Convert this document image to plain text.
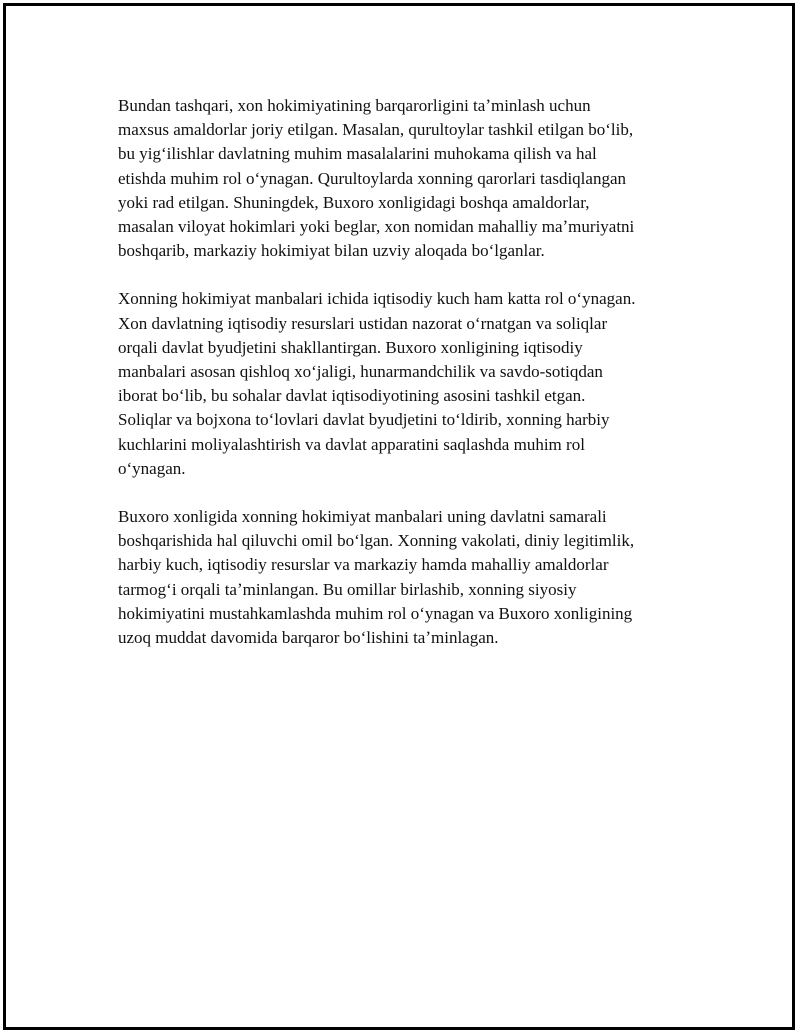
Bundan tashqari, xon hokimiyatining barqarorligini taʼminlash uchun
maxsus amaldorlar joriy etilgan. Masalan, qurultoylar tashkil etilgan boʻlib,
bu yigʻilishlar davlatning muhim masalalarini muhokama qilish va hal
etishda muhim rol oʻynagan. Qurultoylarda xonning qarorlari tasdiqlangan
yoki rad etilgan. Shuningdek, Buxoro xonligidagi boshqa amaldorlar,
masalan viloyat hokimlari yoki beglar, xon nomidan mahalliy maʼmuriyatni
boshqarib, markaziy hokimiyat bilan uzviy aloqada boʻlganlar.

Xonning hokimiyat manbalari ichida iqtisodiy kuch ham katta rol oʻynagan.
Xon davlatning iqtisodiy resurslari ustidan nazorat oʻrnatgan va soliqlar
orqali davlat byudjetini shakllantirgan. Buxoro xonligining iqtisodiy
manbalari asosan qishloq xoʻjaligi, hunarmandchilik va savdo-sotiqdan
iborat boʻlib, bu sohalar davlat iqtisodiyotining asosini tashkil etgan.
Soliqlar va bojxona toʻlovlari davlat byudjetini toʻldirib, xonning harbiy
kuchlarini moliyalashtirish va davlat apparatini saqlashda muhim rol
oʻynagan.

Buxoro xonligida xonning hokimiyat manbalari uning davlatni samarali
boshqarishida hal qiluvchi omil boʻlgan. Xonning vakolati, diniy legitimlik,
harbiy kuch, iqtisodiy resurslar va markaziy hamda mahalliy amaldorlar
tarmogʻi orqali taʼminlangan. Bu omillar birlashib, xonning siyosiy
hokimiyatini mustahkamlashda muhim rol oʻynagan va Buxoro xonligining
uzoq muddat davomida barqaror boʻlishini taʼminlagan.
